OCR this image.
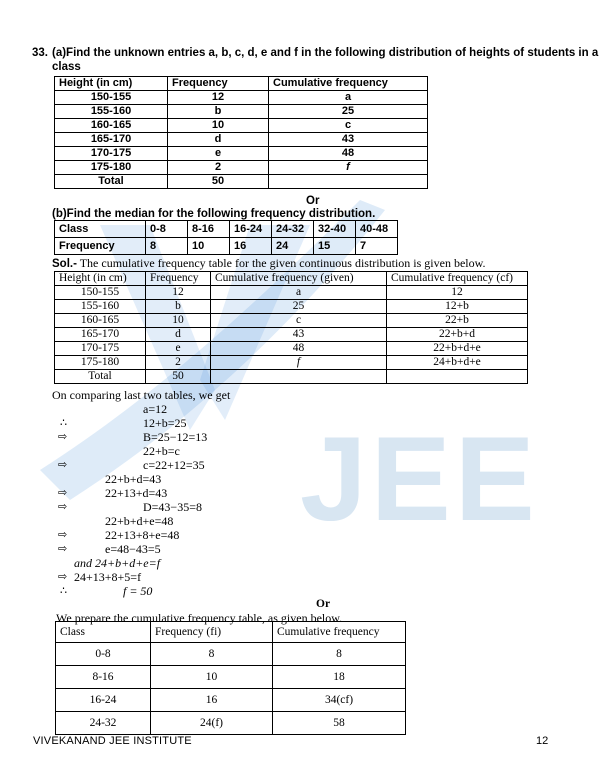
JEE
33. (a)Find the unknown entries a, b, c, d, e and f in the following distribution of heights of students in a
class
Height (in cm)	Frequency	Cumulative frequency
150-155	12	a
155-160	b	25
160-165	10	c
165-170	d	43
170-175	e	48
175-180	2	f
Total	50	
Or
(b)Find the median for the following frequency distribution.
Class	0-8	8-16	16-24	24-32	32-40	40-48
Frequency	8	10	16	24	15	7
Sol.- The cumulative frequency table for the given continuous distribution is given below.
Height (in cm)	Frequency	Cumulative frequency (given)	Cumulative frequency (cf)
150-155	12	a	12
155-160	b	25	12+b
160-165	10	c	22+b
165-170	d	43	22+b+d
170-175	e	48	22+b+d+e
175-180	2	f	24+b+d+e
Total	50		
On comparing last two tables, we get
a=12
∴	12+b=25
⇨	B=25−12=13
22+b=c
⇨	c=22+12=35
22+b+d=43
⇨	22+13+d=43
⇨	D=43−35=8
22+b+d+e=48
⇨	22+13+8+e=48
⇨	e=48−43=5
and 24+b+d+e=f
⇨ 24+13+8+5=f
∴	f = 50
Or
We prepare the cumulative frequency table, as given below.
Class	Frequency (fi)	Cumulative frequency
0-8	8	8
8-16	10	18
16-24	16	34(cf)
24-32	24(f)	58
VIVEKANAND JEE INSTITUTE	12
